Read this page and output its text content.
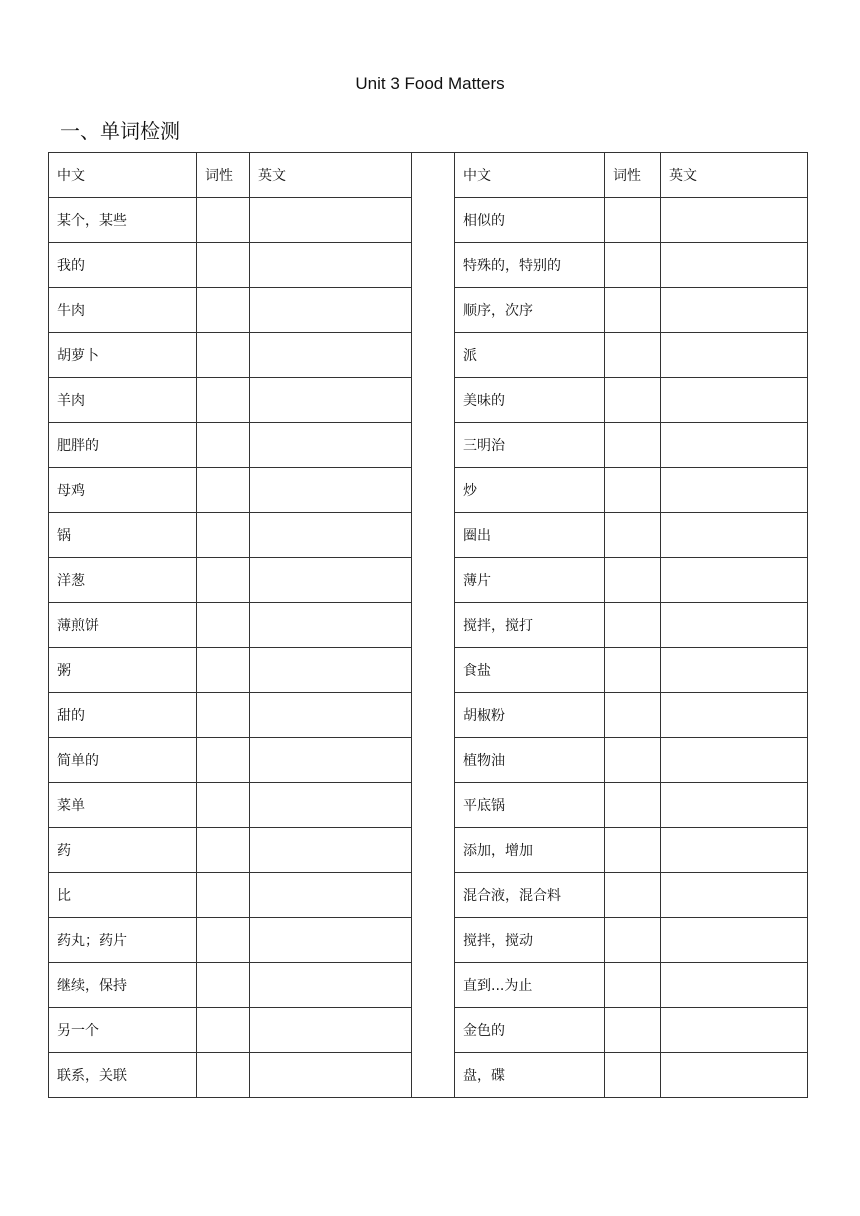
Unit 3 Food Matters
一、单词检测
中文	词性	英文		中文	词性	英文
某个，某些				相似的		
我的				特殊的，特别的		
牛肉				顺序，次序		
胡萝卜				派		
羊肉				美味的		
肥胖的				三明治		
母鸡				炒		
锅				圈出		
洋葱				薄片		
薄煎饼				搅拌，搅打		
粥				食盐		
甜的				胡椒粉		
简单的				植物油		
菜单				平底锅		
药				添加，增加		
比				混合液，混合料		
药丸；药片				搅拌，搅动		
继续，保持				直到...为止		
另一个				金色的		
联系，关联				盘，碟		
